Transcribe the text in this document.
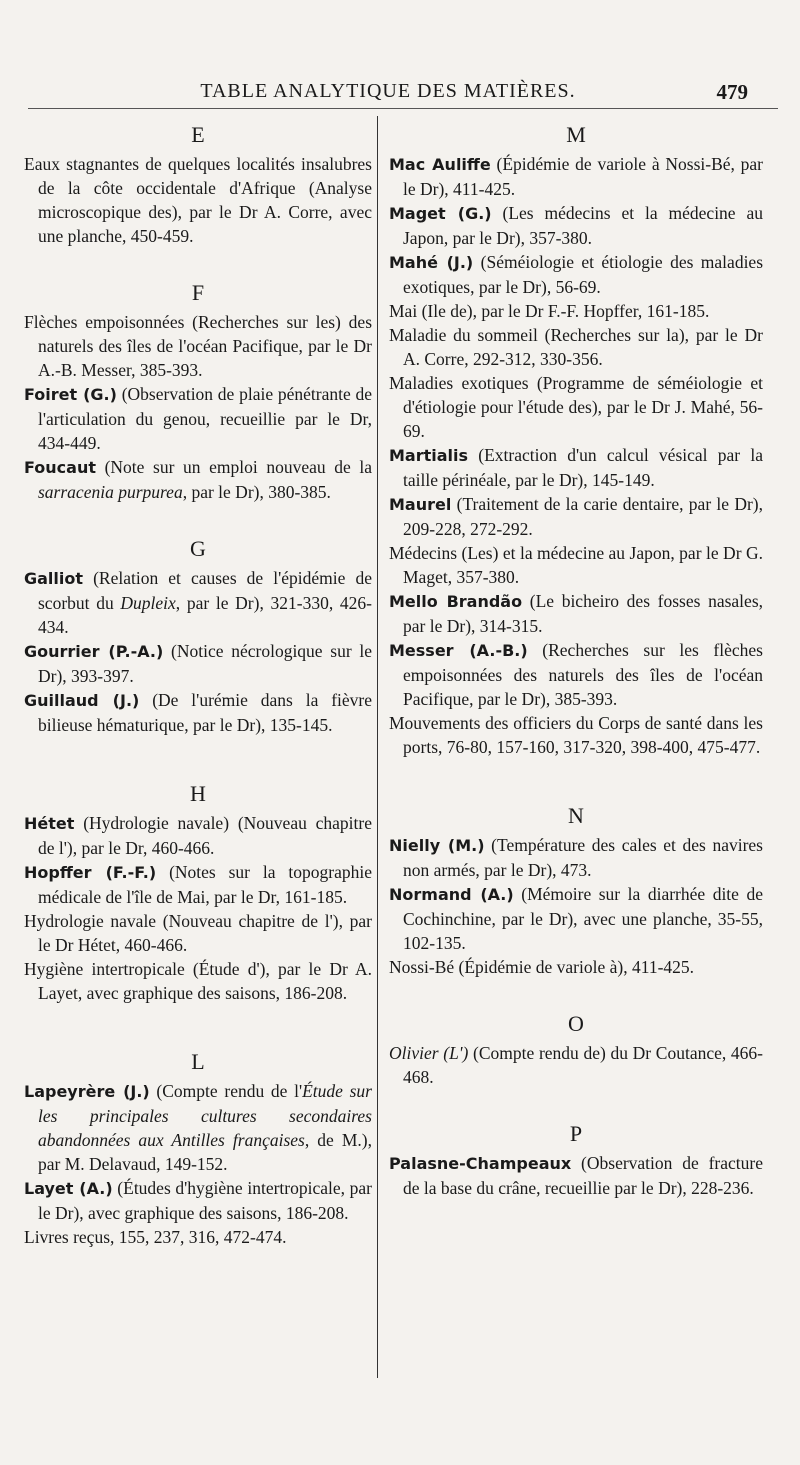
TABLE ANALYTIQUE DES MATIÈRES.	479
E

Eaux stagnantes de quelques localités insalubres de la côte occidentale d'Afrique (Analyse microscopique des), par le Dr A. Corre, avec une planche, 450-459.

F

Flèches empoisonnées (Recherches sur les) des naturels des îles de l'océan Pacifique, par le Dr A.-B. Messer, 385-393.

Foiret (G.) (Observation de plaie pénétrante de l'articulation du genou, recueillie par le Dr, 434-449.

Foucaut (Note sur un emploi nouveau de la sarracenia purpurea, par le Dr), 380-385.

G

Galliot (Relation et causes de l'épidémie de scorbut du Dupleix, par le Dr), 321-330, 426-434.

Gourrier (P.-A.) (Notice nécrologique sur le Dr), 393-397.

Guillaud (J.) (De l'urémie dans la fièvre bilieuse hématurique, par le Dr), 135-145.

H

Hétet (Hydrologie navale) (Nouveau chapitre de l'), par le Dr, 460-466.

Hopffer (F.-F.) (Notes sur la topographie médicale de l'île de Mai, par le Dr, 161-185.

Hydrologie navale (Nouveau chapitre de l'), par le Dr Hétet, 460-466.

Hygiène intertropicale (Étude d'), par le Dr A. Layet, avec graphique des saisons, 186-208.

L

Lapeyrère (J.) (Compte rendu de l'Étude sur les principales cultures secondaires abandonnées aux Antilles françaises, de M.), par M. Delavaud, 149-152.

Layet (A.) (Études d'hygiène intertropicale, par le Dr), avec graphique des saisons, 186-208.

Livres reçus, 155, 237, 316, 472-474.

M

Mac Auliffe (Épidémie de variole à Nossi-Bé, par le Dr), 411-425.

Maget (G.) (Les médecins et la médecine au Japon, par le Dr), 357-380.

Mahé (J.) (Séméiologie et étiologie des maladies exotiques, par le Dr), 56-69.

Mai (Ile de), par le Dr F.-F. Hopffer, 161-185.

Maladie du sommeil (Recherches sur la), par le Dr A. Corre, 292-312, 330-356.

Maladies exotiques (Programme de séméiologie et d'étiologie pour l'étude des), par le Dr J. Mahé, 56-69.

Martialis (Extraction d'un calcul vésical par la taille périnéale, par le Dr), 145-149.

Maurel (Traitement de la carie dentaire, par le Dr), 209-228, 272-292.

Médecins (Les) et la médecine au Japon, par le Dr G. Maget, 357-380.

Mello Brandão (Le bicheiro des fosses nasales, par le Dr), 314-315.

Messer (A.-B.) (Recherches sur les flèches empoisonnées des naturels des îles de l'océan Pacifique, par le Dr), 385-393.

Mouvements des officiers du Corps de santé dans les ports, 76-80, 157-160, 317-320, 398-400, 475-477.

N

Nielly (M.) (Température des cales et des navires non armés, par le Dr), 473.

Normand (A.) (Mémoire sur la diarrhée dite de Cochinchine, par le Dr), avec une planche, 35-55, 102-135.

Nossi-Bé (Épidémie de variole à), 411-425.

O

Olivier (L') (Compte rendu de) du Dr Coutance, 466-468.

P

Palasne-Champeaux (Observation de fracture de la base du crâne, recueillie par le Dr), 228-236.
